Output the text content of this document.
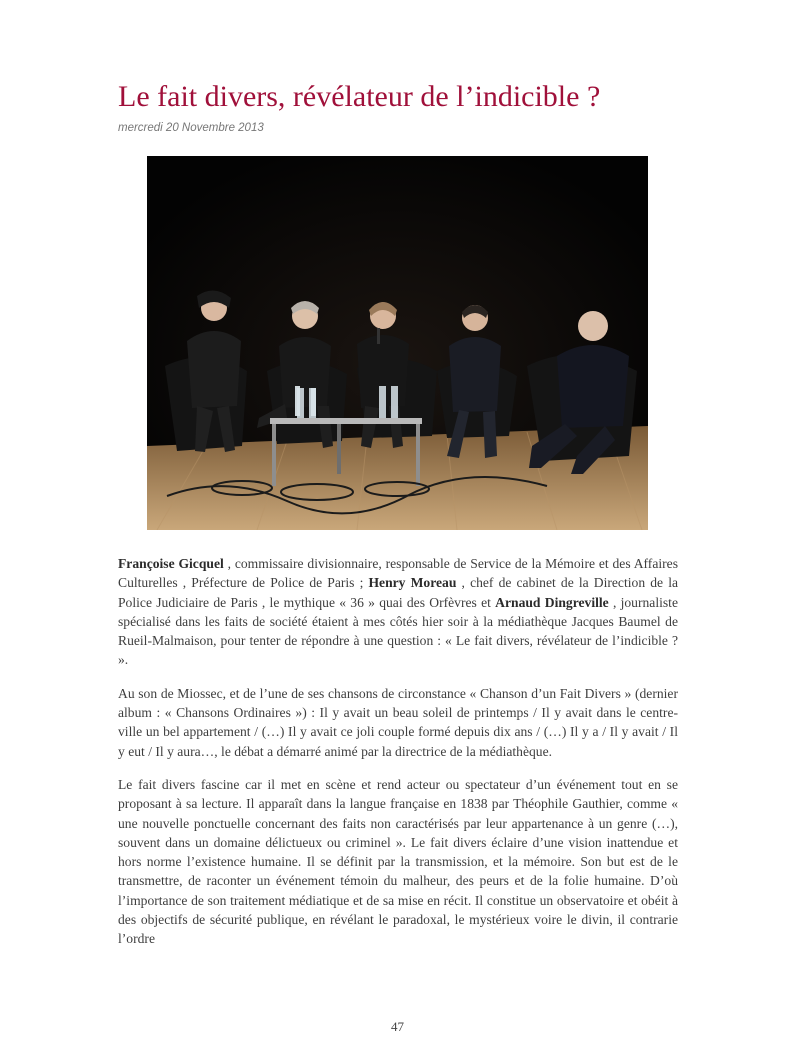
Le fait divers, révélateur de l’indicible ?
mercredi 20 Novembre 2013

Françoise Gicquel , commissaire divisionnaire, responsable de Service de la Mémoire et des Affaires Culturelles , Préfecture de Police de Paris ; Henry Moreau , chef de cabinet de la Direction de la Police Judiciaire de Paris , le mythique « 36 » quai des Orfèvres et Arnaud Dingreville , journaliste spécialisé dans les faits de société étaient à mes côtés hier soir à la médiathèque Jacques Baumel de Rueil-Malmaison, pour tenter de répondre à une question : « Le fait divers, révélateur de l’indicible ? ».

Au son de Miossec, et de l’une de ses chansons de circonstance « Chanson d’un Fait Divers » (dernier album : « Chansons Ordinaires ») : Il y avait un beau soleil de printemps / Il y avait dans le centre-ville un bel appartement / (…) Il y avait ce joli couple formé depuis dix ans / (…) Il y a / Il y avait / Il y eut / Il y aura…, le débat a démarré animé par la directrice de la médiathèque.

Le fait divers fascine car il met en scène et rend acteur ou spectateur d’un événement tout en se proposant à sa lecture. Il apparaît dans la langue française en 1838 par Théophile Gauthier, comme « une nouvelle ponctuelle concernant des faits non caractérisés par leur appartenance à un genre (…), souvent dans un domaine délictueux ou criminel ». Le fait divers éclaire d’une vision inattendue et hors norme l’existence humaine. Il se définit par la transmission, et la mémoire. Son but est de le transmettre, de raconter un événement témoin du malheur, des peurs et de la folie humaine. D’où l’importance de son traitement médiatique et de sa mise en récit. Il constitue un observatoire et obéit à des objectifs de sécurité publique, en révélant le paradoxal, le mystérieux voire le divin, il contrarie l’ordre

47
